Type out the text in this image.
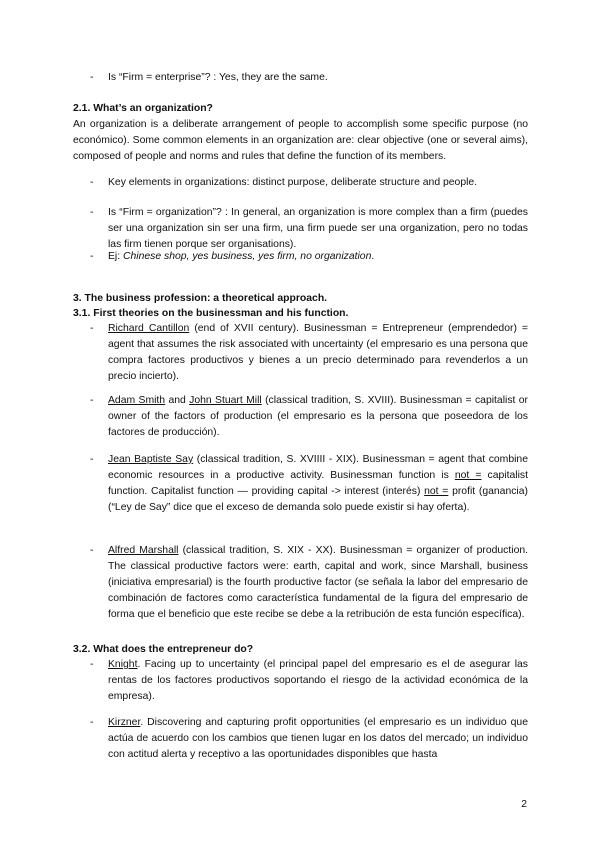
- Is “Firm = enterprise”? : Yes, they are the same.
2.1. What’s an organization?
An organization is a deliberate arrangement of people to accomplish some specific purpose (no económico). Some common elements in an organization are: clear objective (one or several aims), composed of people and norms and rules that define the function of its members.
- Key elements in organizations: distinct purpose, deliberate structure and people.
- Is “Firm = organization”? : In general, an organization is more complex than a firm (puedes ser una organization sin ser una firm, una firm puede ser una organization, pero no todas las firm tienen porque ser organisations).
- Ej: Chinese shop, yes business, yes firm, no organization.
3. The business profession: a theoretical approach.
3.1. First theories on the businessman and his function.
- Richard Cantillon (end of XVII century). Businessman = Entrepreneur (emprendedor) = agent that assumes the risk associated with uncertainty (el empresario es una persona que compra factores productivos y bienes a un precio determinado para revenderlos a un precio incierto).
- Adam Smith and John Stuart Mill (classical tradition, S. XVIII). Businessman = capitalist or owner of the factors of production (el empresario es la persona que poseedora de los factores de producción).
- Jean Baptiste Say (classical tradition, S. XVIIII - XIX). Businessman = agent that combine economic resources in a productive activity. Businessman function is not = capitalist function. Capitalist function — providing capital -> interest (interés) not = profit (ganancia) (“Ley de Say” dice que el exceso de demanda solo puede existir si hay oferta).
- Alfred Marshall (classical tradition, S. XIX - XX). Businessman = organizer of production. The classical productive factors were: earth, capital and work, since Marshall, business (iniciativa empresarial) is the fourth productive factor (se señala la labor del empresario de combinación de factores como característica fundamental de la figura del empresario de forma que el beneficio que este recibe se debe a la retribución de esta función específica).
3.2. What does the entrepreneur do?
- Knight. Facing up to uncertainty (el principal papel del empresario es el de asegurar las rentas de los factores productivos soportando el riesgo de la actividad económica de la empresa).
- Kirzner. Discovering and capturing profit opportunities (el empresario es un individuo que actúa de acuerdo con los cambios que tienen lugar en los datos del mercado; un individuo con actitud alerta y receptivo a las oportunidades disponibles que hasta
2
